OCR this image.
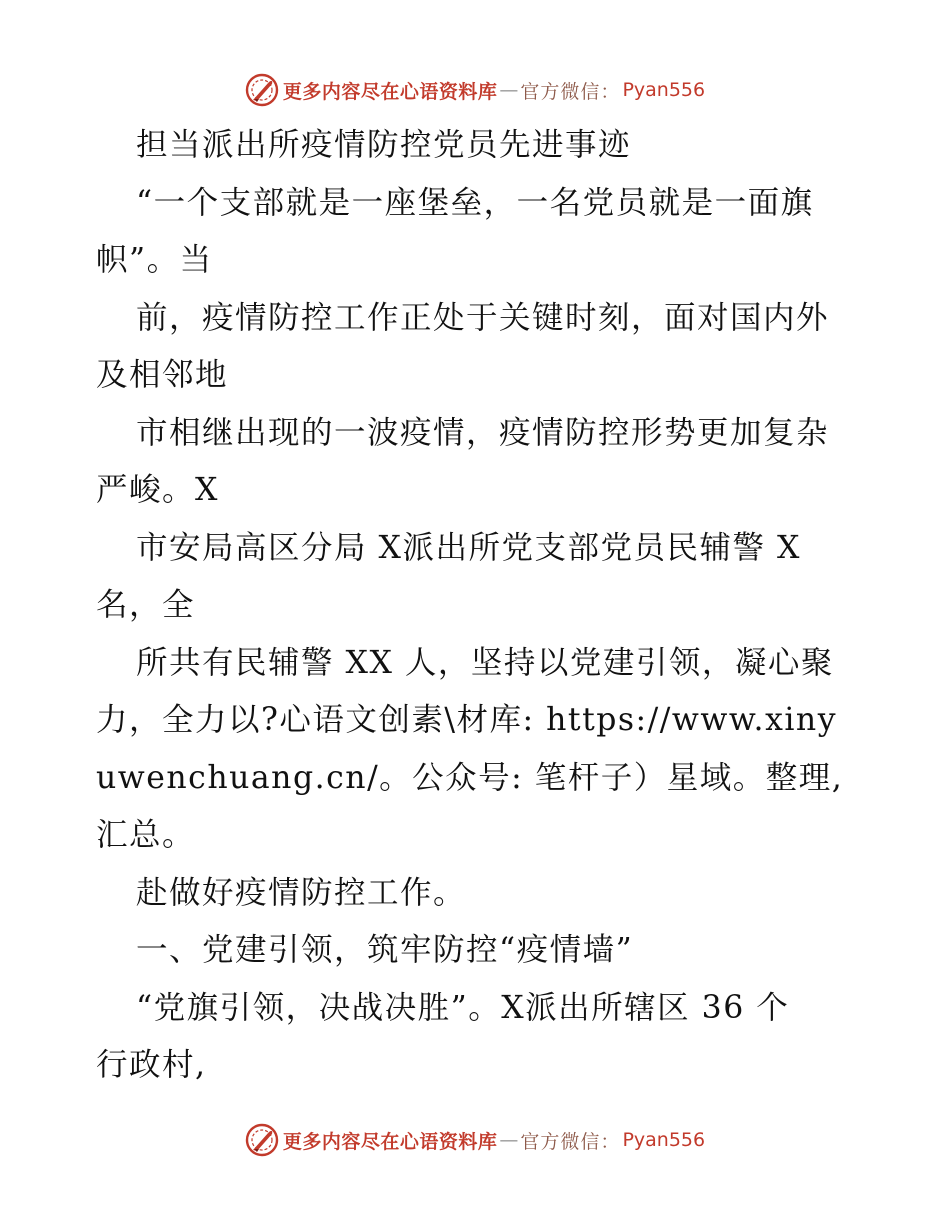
更多内容尽在心语资料库 — 官方微信： Pyan556
担当派出所疫情防控党员先进事迹
“一个支部就是一座堡垒，一名党员就是一面旗
帜”。当
前，疫情防控工作正处于关键时刻，面对国内外
及相邻地
市相继出现的一波疫情，疫情防控形势更加复杂
严峻。X
市安局高区分局 X派出所党支部党员民辅警 X
名，全
所共有民辅警 XX 人，坚持以党建引领，凝心聚
力，全力以?心语文创素\材库: https://www.xiny
uwenchuang.cn/。公众号: 笔杆子）星域。整理,
汇总。
赴做好疫情防控工作。
一、党建引领，筑牢防控“疫情墙”
“党旗引领，决战决胜”。X派出所辖区 36 个
行政村,
更多内容尽在心语资料库 — 官方微信： Pyan556
